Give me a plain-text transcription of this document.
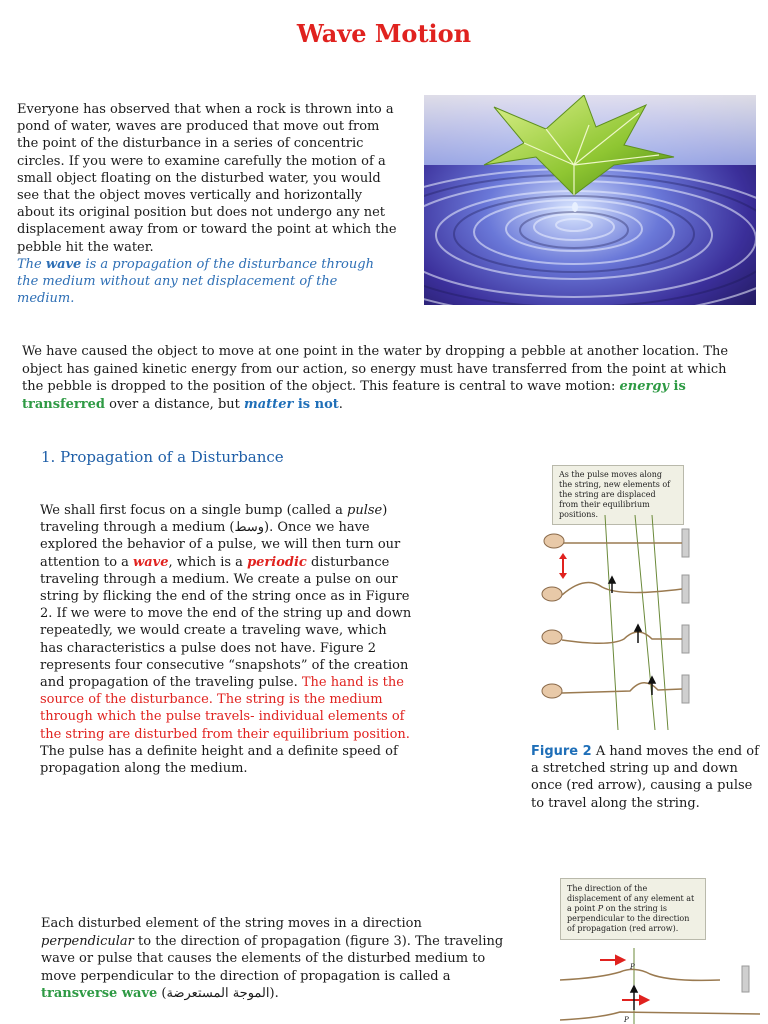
Wave Motion
Everyone has observed that when a rock is thrown into a pond of water, waves are produced that move out from the point of the disturbance in a series of concentric circles. If you were to examine carefully the motion of a small object floating on the disturbed water, you would see that the object moves vertically and horizontally about its original position but does not undergo any net displacement away from or toward the point at which the pebble hit the water.
The wave is a propagation of the disturbance through the medium without any net displacement of the medium.
We have caused the object to move at one point in the water by dropping a pebble at another location. The object has gained kinetic energy from our action, so energy must have transferred from the point at which the pebble is dropped to the position of the object. This feature is central to wave motion: energy is transferred over a distance, but matter is not.
1. Propagation of a Disturbance
We shall first focus on a single bump (called a pulse) traveling through a medium (وسط). Once we have explored the behavior of a pulse, we will then turn our attention to a wave, which is a periodic disturbance traveling through a medium. We create a pulse on our string by flicking the end of the string once as in Figure 2. If we were to move the end of the string up and down repeatedly, we would create a traveling wave, which has characteristics a pulse does not have. Figure 2 represents four consecutive “snapshots” of the creation and propagation of the traveling pulse. The hand is the source of the disturbance. The string is the medium through which the pulse travels- individual elements of the string are disturbed from their equilibrium position. The pulse has a definite height and a definite speed of propagation along the medium.
As the pulse moves along the string, new elements of the string are displaced from their equilibrium positions.
Figure 2 A hand moves the end of a stretched string up and down once (red arrow), causing a pulse to travel along the string.
Each disturbed element of the string moves in a direction perpendicular to the direction of propagation (figure 3). The traveling wave or pulse that causes the elements of the disturbed medium to move perpendicular to the direction of propagation is called a transverse wave (الموجة المستعرضة).
The direction of the displacement of any element at a point P on the string is perpendicular to the direction of propagation (red arrow).
P
P
